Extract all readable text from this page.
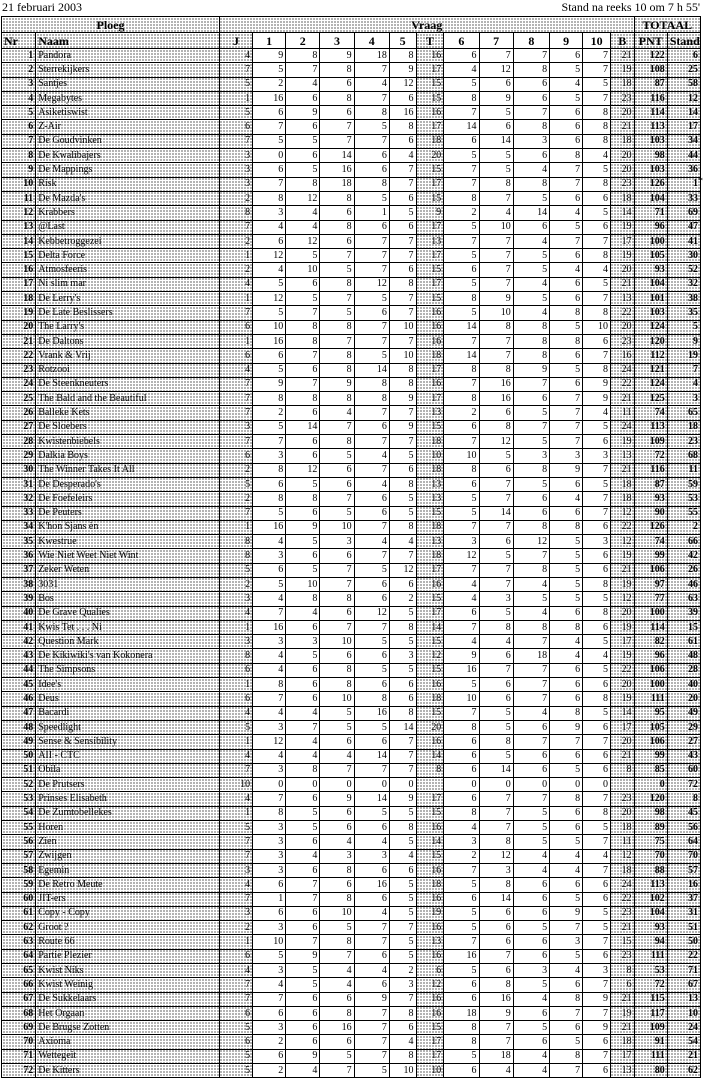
21 februari 2003	Stand na reeks 10 om 7 h 55'
Ploeg		Vraag													TOTAAL	
Nr	Naam	J	1	2	3	4	5	T	6	7	8	9	10	B	PNT	Stand
1	Pandora	4	9	8	9	18	8	16	6	7	7	6	7	21	122	6
2	Sterrekijkers	7	5	7	8	7	9	17	4	12	8	5	7	19	108	25
3	Santjes	5	2	4	6	4	12	15	5	6	6	4	5	18	87	58
4	Megabytes	1	16	6	8	7	6	15	8	9	6	5	7	23	116	12
5	Asiketiswist	5	6	9	6	8	16	16	7	5	7	6	8	20	114	14
6	Z-Air	6	7	6	7	5	8	17	14	6	8	6	8	21	113	17
7	De Goudvinken	7	5	5	7	7	6	18	6	14	3	6	8	18	103	34
8	De Kwalibajers	3	0	6	14	6	4	20	5	5	6	8	4	20	98	44
9	De Mappings	3	6	5	16	6	7	15	7	5	4	7	5	20	103	36
10	Risk	3	7	8	18	8	7	17	7	8	8	7	8	23	126	1
11	De Mazda's	2	8	12	8	5	6	15	8	7	5	6	6	18	104	33
12	Krabbers	8	3	4	6	1	5	9	2	4	14	4	5	14	71	69
13	@Last	7	4	4	8	6	6	17	5	10	6	5	6	19	96	47
14	Kebbetroggezei	2	6	12	6	7	7	13	7	7	4	7	7	17	100	41
15	Delta Force	1	12	5	7	7	7	17	5	7	5	6	8	19	105	30
16	Atmosfeeris	2	4	10	5	7	6	15	6	7	5	4	4	20	93	52
17	Ni slim mar	4	5	6	8	12	8	17	5	7	4	6	5	21	104	32
18	De Lerry's	1	12	5	7	5	7	15	8	9	5	6	7	13	101	38
19	De Late Beslissers	7	5	7	5	6	7	16	5	10	4	8	8	22	103	35
20	The Larry's	6	10	8	8	7	10	16	14	8	8	5	10	20	124	5
21	De Daltons	1	16	8	7	7	7	16	7	7	8	8	6	23	120	9
22	Vrank & Vrij	6	6	7	8	5	10	18	14	7	8	6	7	16	112	19
23	Rotzooi	4	5	6	8	14	8	17	8	8	9	5	8	24	121	7
24	De Steenkneuters	7	9	7	9	8	8	16	7	16	7	6	9	22	124	4
25	The Bald and the Beautiful	7	8	8	8	8	9	17	8	16	6	7	9	21	125	3
26	Balleke Kets	7	2	6	4	7	7	13	2	6	5	7	4	11	74	65
27	De Sloebers	3	5	14	7	6	9	15	6	8	7	7	5	24	113	18
28	Kwistenbiebels	7	7	6	8	7	7	18	7	12	5	7	6	19	109	23
29	Dalkia Boys	6	3	6	5	4	5	10	10	5	3	3	3	13	72	68
30	The Winner Takes It All	2	8	12	6	7	6	18	8	6	8	9	7	21	116	11
31	De Desperado's	5	6	5	6	4	8	13	6	7	5	6	5	18	87	59
32	De Foefeleirs	2	8	8	7	6	5	13	5	7	6	4	7	18	93	53
33	De Peuters	7	5	6	5	6	5	15	5	14	6	6	7	12	90	55
34	K'hon Sjans èn	1	16	9	10	7	8	18	7	7	8	8	6	22	126	2
35	Kwestrue	8	4	5	3	4	4	13	3	6	12	5	3	12	74	66
36	Wie Niet Weet Niet Wint	8	3	6	6	7	7	18	12	5	7	5	6	19	99	42
37	Zeker Weten	5	6	5	7	5	12	17	7	7	8	5	6	21	106	26
38	3031	2	5	10	7	6	6	16	4	7	4	5	8	19	97	46
39	Bos	3	4	8	8	6	2	15	4	3	5	5	5	12	77	63
40	De Grave Qualies	4	7	4	6	12	5	17	6	5	4	6	8	20	100	39
41	Kwis Tet . . . Ni	1	16	6	7	7	8	14	7	8	8	8	6	19	114	15
42	Question Mark	3	3	3	10	5	5	15	4	4	7	4	5	17	82	61
43	De Kikiwiki's van Kokonera	8	4	5	6	6	3	12	9	6	18	4	4	19	96	48
44	The Simpsons	6	4	6	8	5	5	15	16	7	7	6	5	22	106	28
45	Idee's	1	8	6	8	6	6	16	5	6	7	6	6	20	100	40
46	Deus	6	7	6	10	8	6	18	10	6	7	6	8	19	111	20
47	Bacardi	4	4	4	5	16	8	15	7	5	4	8	5	14	95	49
48	Speedlight	5	3	7	5	5	14	20	8	5	6	9	6	17	105	29
49	Sense & Sensibility	1	12	4	6	6	7	16	6	8	7	7	7	20	106	27
50	AII - CTC	4	4	4	4	14	7	14	6	5	6	6	6	21	99	43
51	Obila	7	3	8	7	7	7	8	6	14	6	5	6	8	85	60
52	De Prutsers	10	0	0	0	0	0		0	0	0	0	0		0	72
53	Prinses Elisabeth	4	7	6	9	14	9	17	6	7	7	8	7	23	120	8
54	De Zumtobellekes	1	8	5	6	5	5	15	8	7	5	6	8	20	98	45
55	Horen	5	3	5	6	6	8	16	4	7	5	6	5	18	89	56
56	Zien	7	3	6	4	4	5	14	3	8	5	5	7	11	75	64
57	Zwijgen	7	3	4	3	3	4	15	2	12	4	4	4	12	70	70
58	Egemin	3	3	6	8	6	6	16	7	3	4	4	7	18	88	57
59	De Retro Meute	4	6	7	6	16	5	18	5	8	6	6	6	24	113	16
60	JIT-ers	7	1	7	8	6	5	16	6	14	6	5	6	22	102	37
61	Copy - Copy	3	6	6	10	4	5	19	5	6	6	9	5	23	104	31
62	Groot ?	2	3	6	5	7	7	16	5	6	5	7	5	21	93	51
63	Route 66	1	10	7	8	7	5	13	7	6	6	3	7	15	94	50
64	Partie Plezier	6	5	9	7	6	5	16	16	7	6	5	6	23	111	22
65	Kwist Niks	4	3	5	4	4	2	6	5	6	3	4	3	8	53	71
66	Kwist Weinig	7	4	5	4	6	3	12	6	8	5	6	7	6	72	67
67	De Sukkelaars	7	7	6	6	9	7	16	6	16	4	8	9	21	115	13
68	Het Orgaan	6	6	6	8	7	8	16	18	9	6	7	7	19	117	10
69	De Brugse Zotten	5	3	6	16	7	6	15	8	7	5	6	9	21	109	24
70	Axioma	6	2	6	6	7	4	17	8	7	6	5	6	18	91	54
71	Wettegeit	5	6	9	5	7	8	17	5	18	4	8	7	17	111	21
72	De Kitters	5	2	4	7	5	10	10	6	4	4	7	6	13	80	62
*
